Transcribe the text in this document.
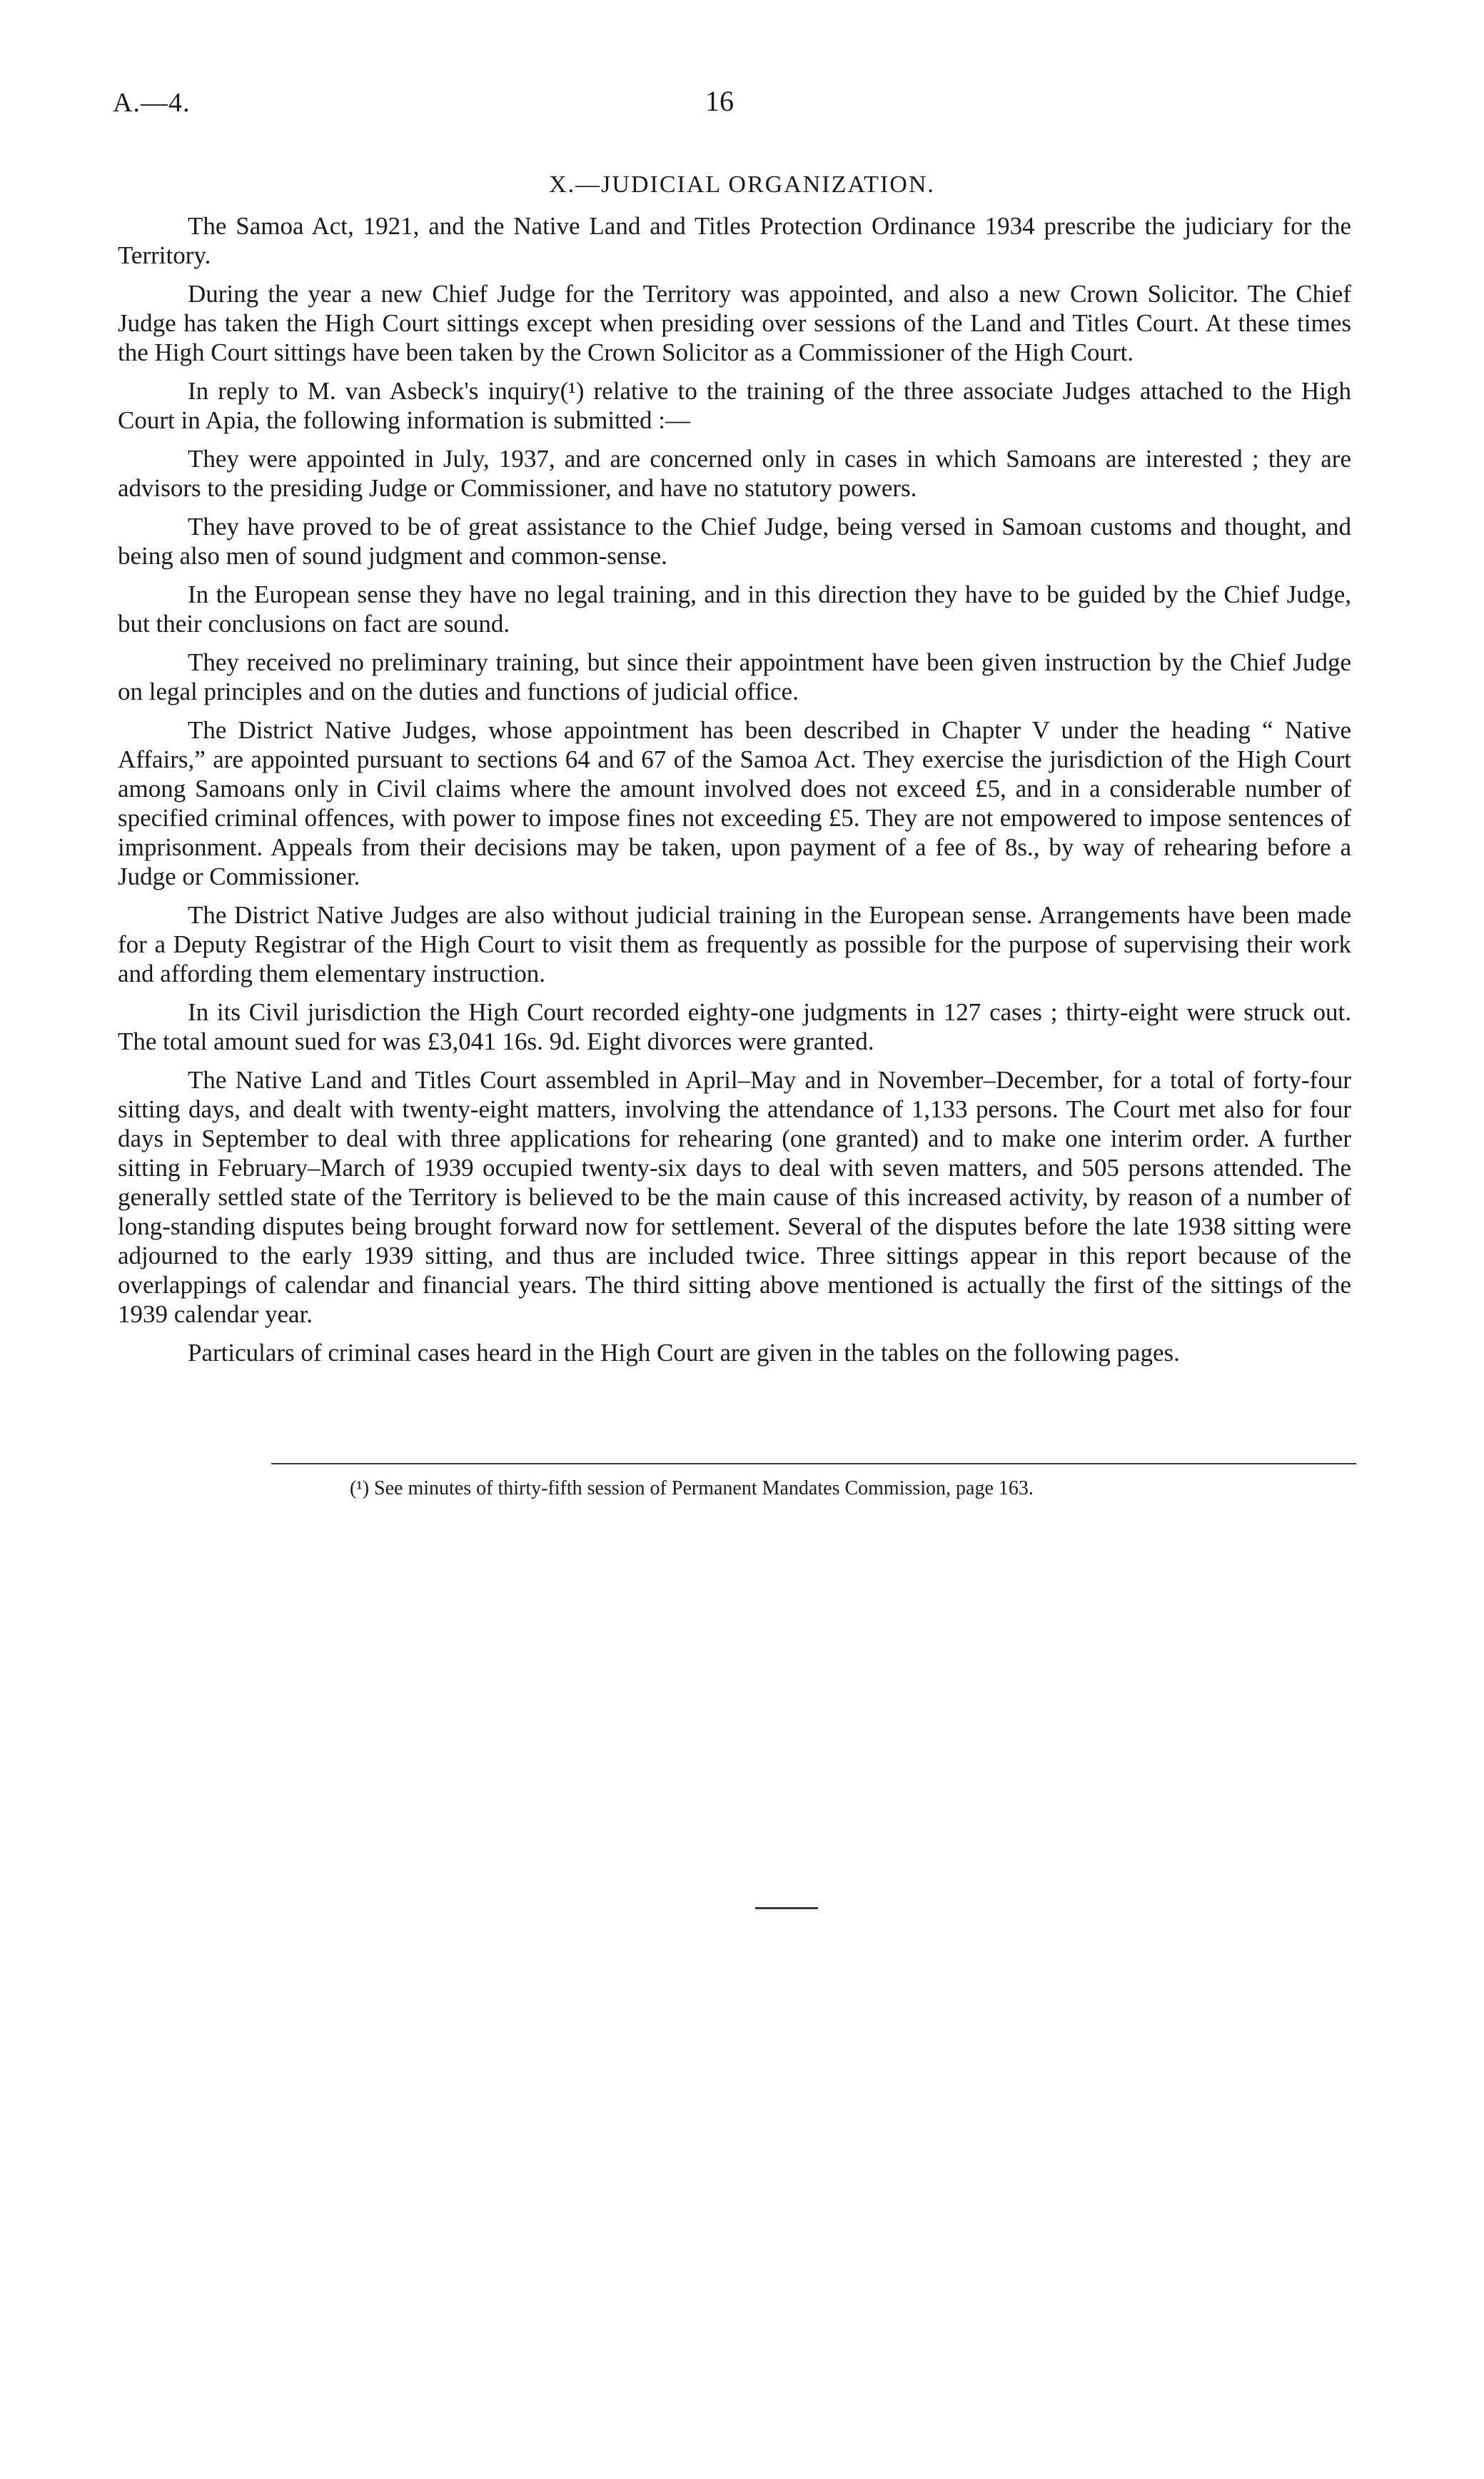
A.—4.	16
X.—JUDICIAL ORGANIZATION.

The Samoa Act, 1921, and the Native Land and Titles Protection Ordinance 1934 prescribe the judiciary for the Territory.

During the year a new Chief Judge for the Territory was appointed, and also a new Crown Solicitor. The Chief Judge has taken the High Court sittings except when presiding over sessions of the Land and Titles Court. At these times the High Court sittings have been taken by the Crown Solicitor as a Commissioner of the High Court.

In reply to M. van Asbeck's inquiry(¹) relative to the training of the three associate Judges attached to the High Court in Apia, the following information is submitted :—

They were appointed in July, 1937, and are concerned only in cases in which Samoans are interested ; they are advisors to the presiding Judge or Commissioner, and have no statutory powers.

They have proved to be of great assistance to the Chief Judge, being versed in Samoan customs and thought, and being also men of sound judgment and common-sense.

In the European sense they have no legal training, and in this direction they have to be guided by the Chief Judge, but their conclusions on fact are sound.

They received no preliminary training, but since their appointment have been given instruction by the Chief Judge on legal principles and on the duties and functions of judicial office.

The District Native Judges, whose appointment has been described in Chapter V under the heading “ Native Affairs,” are appointed pursuant to sections 64 and 67 of the Samoa Act. They exercise the jurisdiction of the High Court among Samoans only in Civil claims where the amount involved does not exceed £5, and in a considerable number of specified criminal offences, with power to impose fines not exceeding £5. They are not empowered to impose sentences of imprisonment. Appeals from their decisions may be taken, upon payment of a fee of 8s., by way of rehearing before a Judge or Commissioner.

The District Native Judges are also without judicial training in the European sense. Arrangements have been made for a Deputy Registrar of the High Court to visit them as frequently as possible for the purpose of supervising their work and affording them elementary instruction.

In its Civil jurisdiction the High Court recorded eighty-one judgments in 127 cases ; thirty-eight were struck out. The total amount sued for was £3,041 16s. 9d. Eight divorces were granted.

The Native Land and Titles Court assembled in April–May and in November–December, for a total of forty-four sitting days, and dealt with twenty-eight matters, involving the attendance of 1,133 persons. The Court met also for four days in September to deal with three applications for rehearing (one granted) and to make one interim order. A further sitting in February–March of 1939 occupied twenty-six days to deal with seven matters, and 505 persons attended. The generally settled state of the Territory is believed to be the main cause of this increased activity, by reason of a number of long-standing disputes being brought forward now for settlement. Several of the disputes before the late 1938 sitting were adjourned to the early 1939 sitting, and thus are included twice. Three sittings appear in this report because of the overlappings of calendar and financial years. The third sitting above mentioned is actually the first of the sittings of the 1939 calendar year.

Particulars of criminal cases heard in the High Court are given in the tables on the following pages.

(¹) See minutes of thirty-fifth session of Permanent Mandates Commission, page 163.
